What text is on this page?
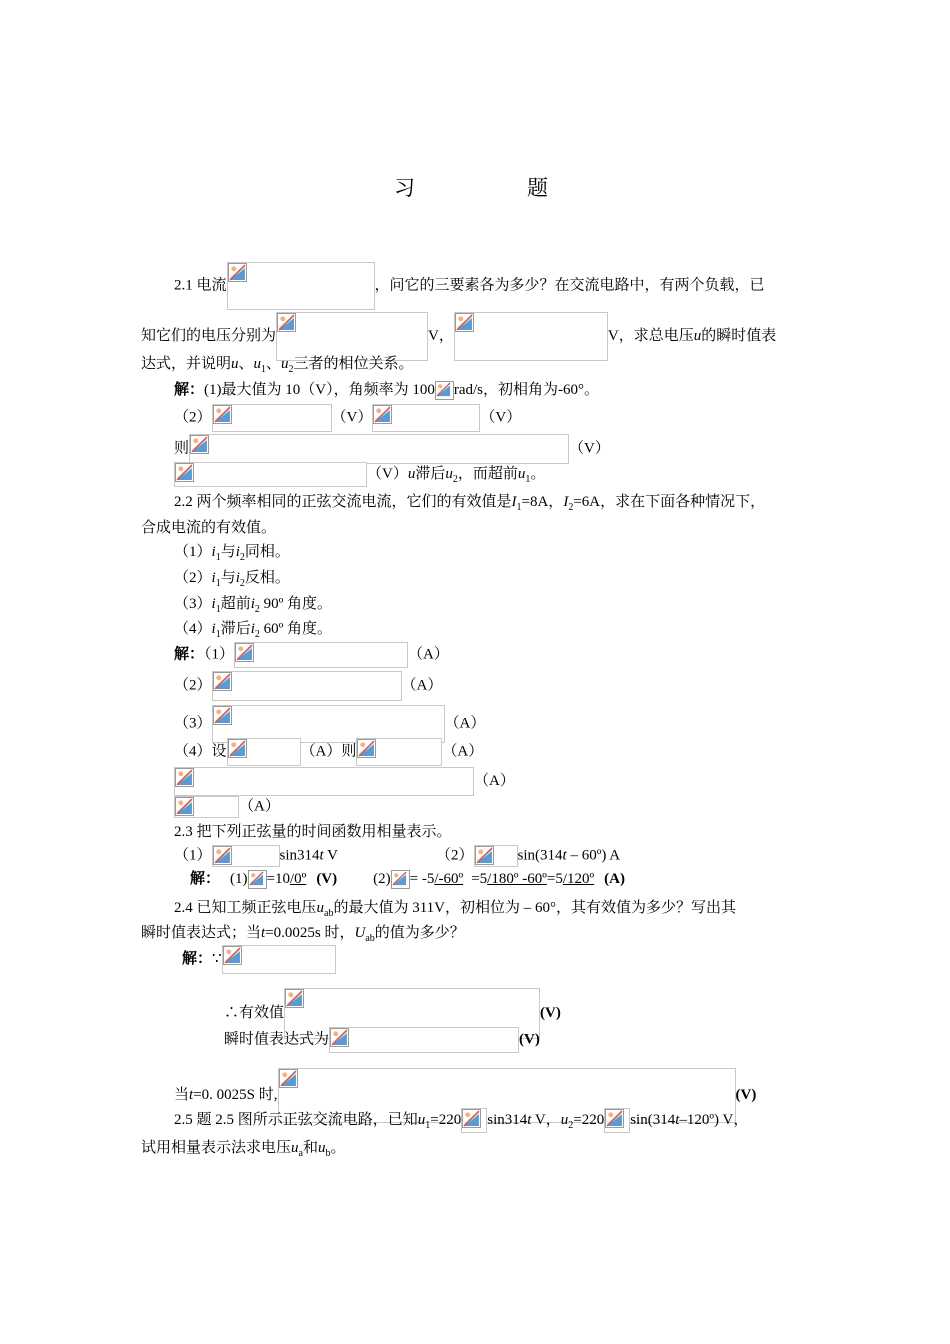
习	题
2.1 电流	，问它的三要素各为多少？在交流电路中，有两个负载，已
知它们的电压分别为	V，	V，求总电压u的瞬时值表
达式，并说明u、$u_1$、$u_2$三者的相位关系。
解：(1)最大值为 10（V），角频率为 100 rad/s，初相角为-60°。
（2）	（V）	（V）
则	（V）
（V）u滞后$u_2$，而超前$u_1$。
2.2 两个频率相同的正弦交流电流，它们的有效值是$I_1=8A$，$I_2=6A$，求在下面各种情况下，
合成电流的有效值。
$(1)i_1$与$i_2$同相。
$(2)i_1$与$i_2$反相。
$(3)i_1$超前$i_2$ 90º 角度。
$(4)i_1$滞后$i_2$ 60º 角度。
解：（1）	（A）
（2）	（A）
（3）	（A）
（4）设	（A）则	（A）
（A）
（A）
2.3 把下列正弦量的时间函数用相量表示。
（1）	sin314t V	（2）	sin(314t – 60º) A
解： (1) =10/0º (V) (2) = -5/-60º =5/180º -60º=5/120º (A)
2.4 已知工频正弦电压$u_{ab}$的最大值为 311V，初相位为 – 60°，其有效值为多少？写出其
瞬时值表达式；当t=0.0025s 时，$U_{ab}$的值为多少？
解：∵
∴有效值	(V)
瞬时值表达式为	(V)
当t=0. 0025S 时,	(V)
2.5 题 2.5 图所示正弦交流电路，已知$u_1=220$ sin314t V，$u_2=220$ sin(314t–120º) V，
试用相量表示法求电压$u_a$和$u_b$。
